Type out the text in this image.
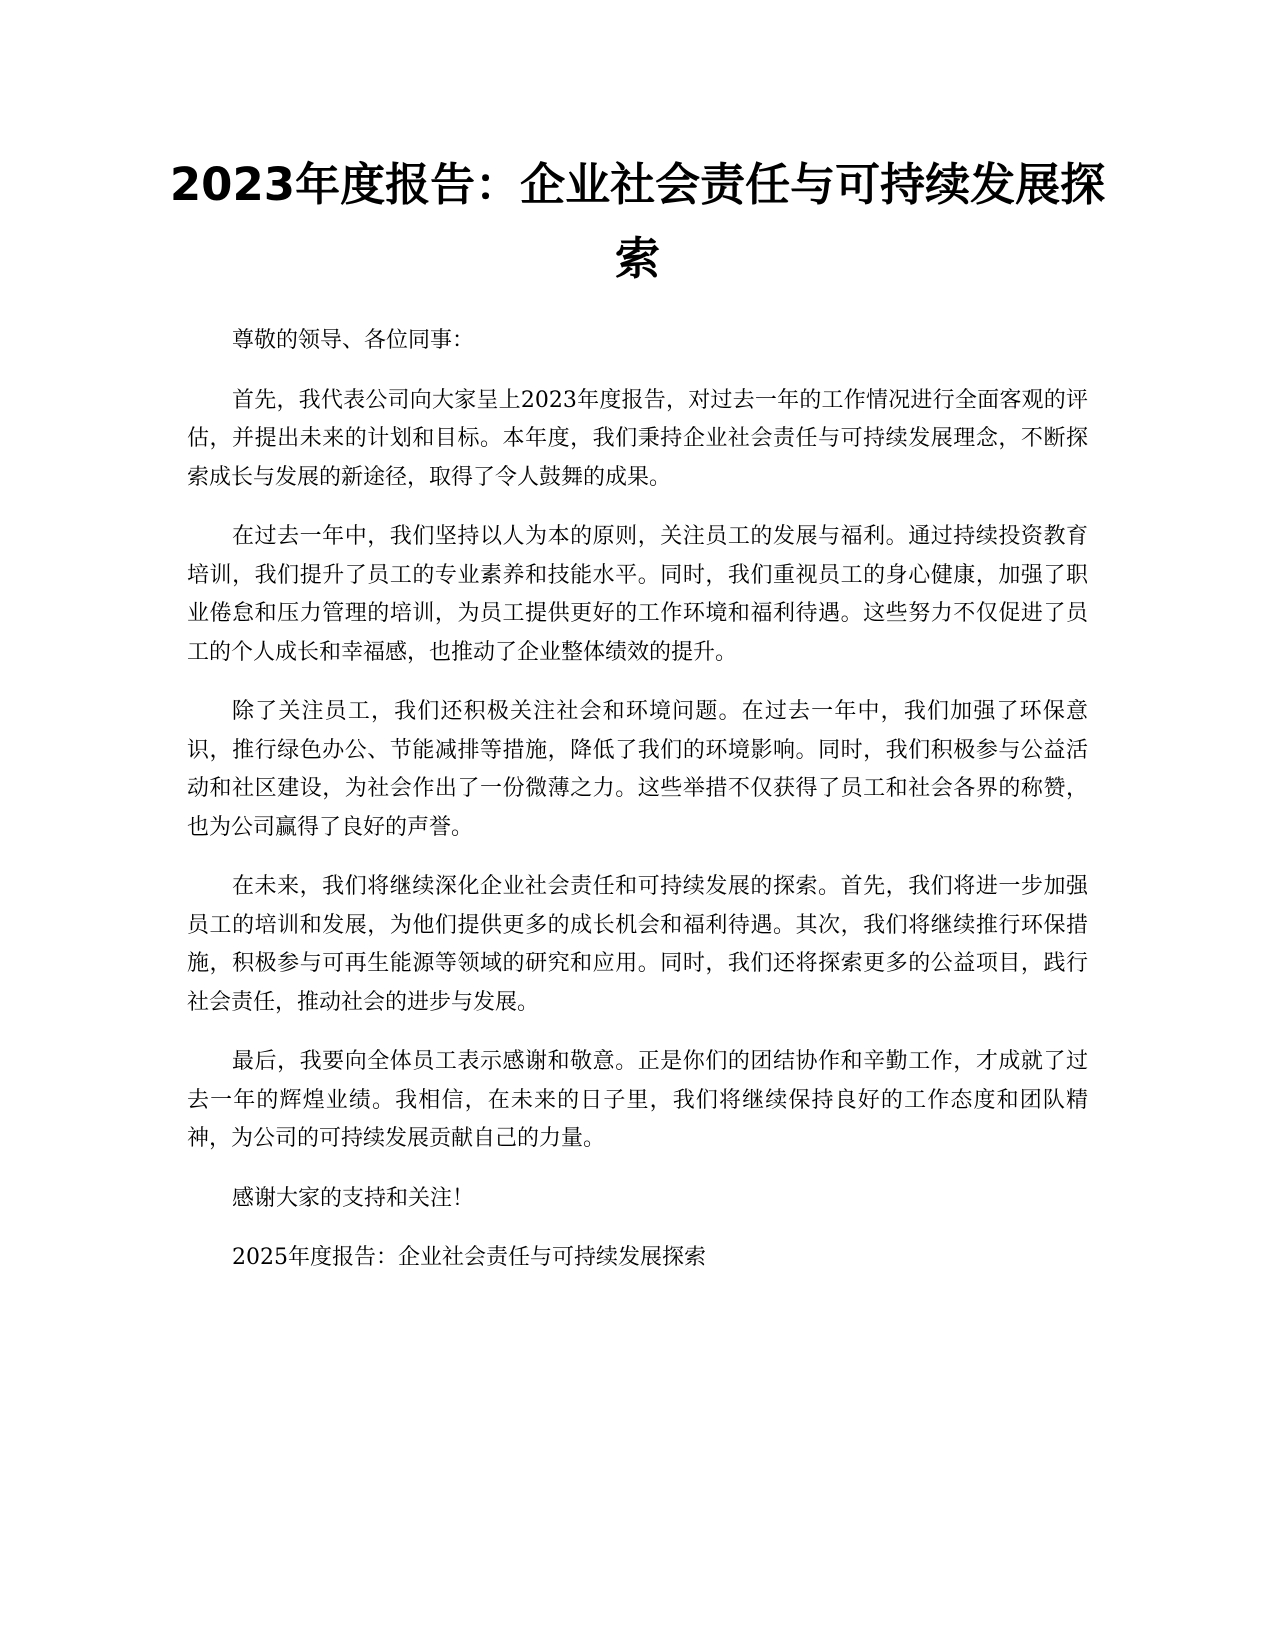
2023年度报告：企业社会责任与可持续发展探索

尊敬的领导、各位同事：

首先，我代表公司向大家呈上2023年度报告，对过去一年的工作情况进行全面客观的评估，并提出未来的计划和目标。本年度，我们秉持企业社会责任与可持续发展理念，不断探索成长与发展的新途径，取得了令人鼓舞的成果。

在过去一年中，我们坚持以人为本的原则，关注员工的发展与福利。通过持续投资教育培训，我们提升了员工的专业素养和技能水平。同时，我们重视员工的身心健康，加强了职业倦怠和压力管理的培训，为员工提供更好的工作环境和福利待遇。这些努力不仅促进了员工的个人成长和幸福感，也推动了企业整体绩效的提升。

除了关注员工，我们还积极关注社会和环境问题。在过去一年中，我们加强了环保意识，推行绿色办公、节能减排等措施，降低了我们的环境影响。同时，我们积极参与公益活动和社区建设，为社会作出了一份微薄之力。这些举措不仅获得了员工和社会各界的称赞，也为公司赢得了良好的声誉。

在未来，我们将继续深化企业社会责任和可持续发展的探索。首先，我们将进一步加强员工的培训和发展，为他们提供更多的成长机会和福利待遇。其次，我们将继续推行环保措施，积极参与可再生能源等领域的研究和应用。同时，我们还将探索更多的公益项目，践行社会责任，推动社会的进步与发展。

最后，我要向全体员工表示感谢和敬意。正是你们的团结协作和辛勤工作，才成就了过去一年的辉煌业绩。我相信，在未来的日子里，我们将继续保持良好的工作态度和团队精神，为公司的可持续发展贡献自己的力量。

感谢大家的支持和关注！

2025年度报告：企业社会责任与可持续发展探索
